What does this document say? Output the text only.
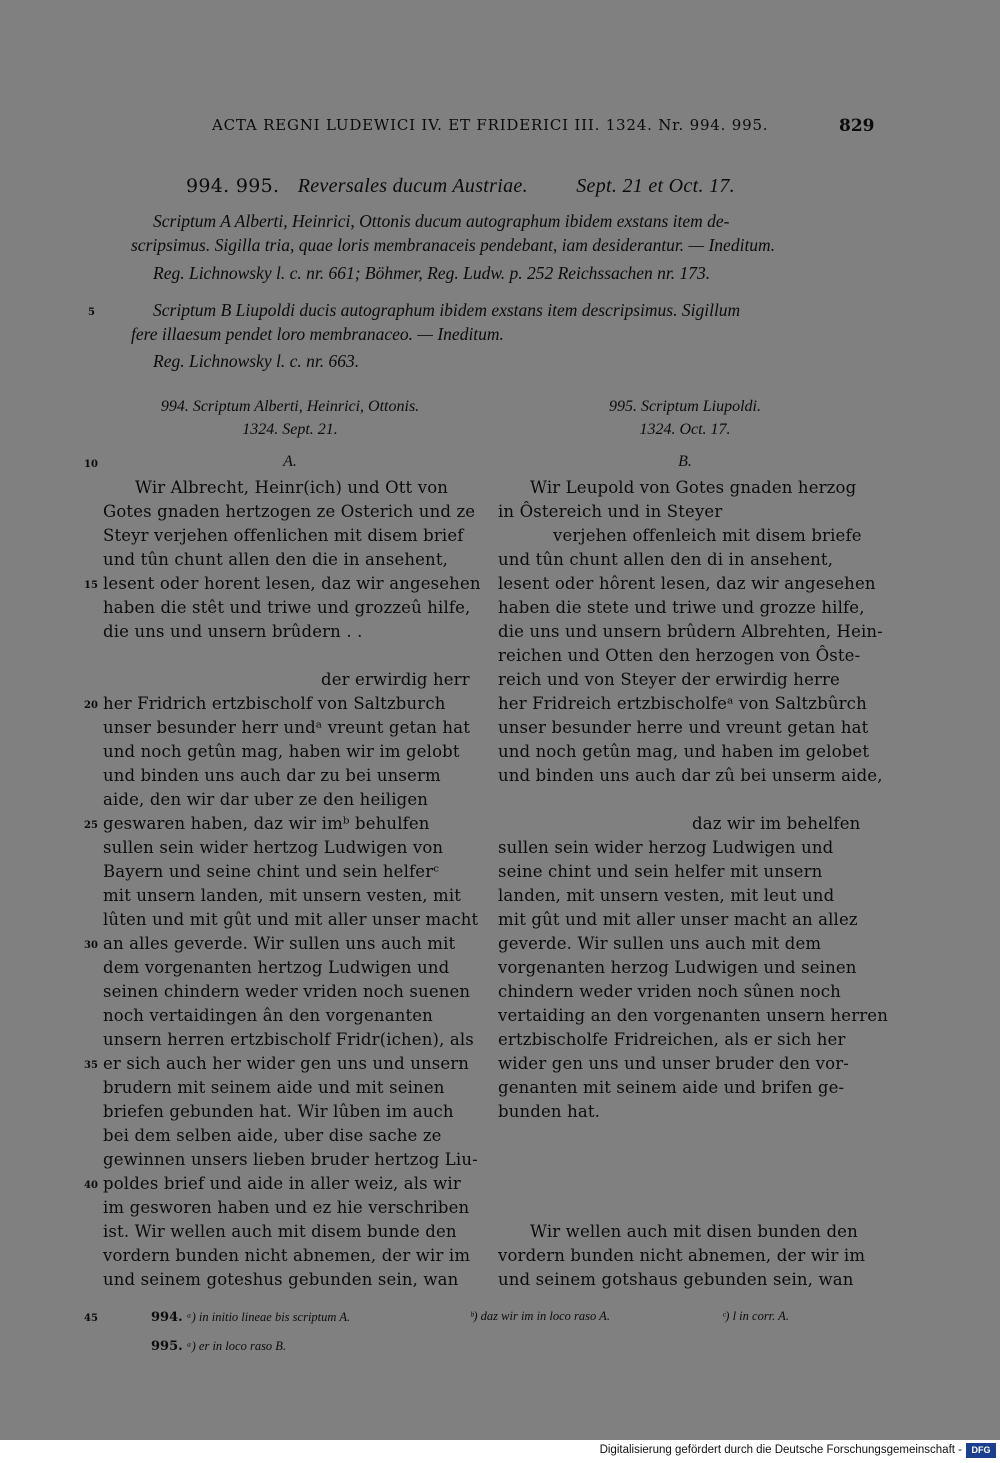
ACTA REGNI LUDEWICI IV. ET FRIDERICI III. 1324. Nr. 994. 995.	829
994. 995. Reversales ducum Austriae. Sept. 21 et Oct. 17.
Scriptum A Alberti, Heinrici, Ottonis ducum autographum ibidem exstans item de-
scripsimus. Sigilla tria, quae loris membranaceis pendebant, iam desiderantur. — Ineditum.
Reg. Lichnowsky l. c. nr. 661; Böhmer, Reg. Ludw. p. 252 Reichssachen nr. 173.
Scriptum B Liupoldi ducis autographum ibidem exstans item descripsimus. Sigillum
fere illaesum pendet loro membranaceo. — Ineditum.
Reg. Lichnowsky l. c. nr. 663.
5
10
15
20
25
30
35
40
45
994. Scriptum Alberti, Heinrici, Ottonis.
1324. Sept. 21.
A.
995. Scriptum Liupoldi.
1324. Oct. 17.
B.
Wir Albrecht, Heinr(ich) und Ott von
Gotes gnaden hertzogen ze Osterich und ze
Steyr verjehen offenlichen mit disem brief
und tûn chunt allen den die in ansehent,
lesent oder horent lesen, daz wir angesehen
haben die stêt und triwe und grozzeû hilfe,
die uns und unsern brûdern . .
der erwirdig herr
her Fridrich ertzbischolf von Saltzburch
unser besunder herr undᵃ vreunt getan hat
und noch getûn mag, haben wir im gelobt
und binden uns auch dar zu bei unserm
aide, den wir dar uber ze den heiligen
geswaren haben, daz wir imᵇ behulfen
sullen sein wider hertzog Ludwigen von
Bayern und seine chint und sein helferᶜ
mit unsern landen, mit unsern vesten, mit
lûten und mit gût und mit aller unser macht
an alles geverde. Wir sullen uns auch mit
dem vorgenanten hertzog Ludwigen und
seinen chindern weder vriden noch suenen
noch vertaidingen ân den vorgenanten
unsern herren ertzbischolf Fridr(ichen), als
er sich auch her wider gen uns und unsern
brudern mit seinem aide und mit seinen
briefen gebunden hat. Wir lûben im auch
bei dem selben aide, uber dise sache ze
gewinnen unsers lieben bruder hertzog Liu-
poldes brief und aide in aller weiz, als wir
im gesworen haben und ez hie verschriben
ist. Wir wellen auch mit disem bunde den
vordern bunden nicht abnemen, der wir im
und seinem goteshus gebunden sein, wan
Wir Leupold von Gotes gnaden herzog
in Ôstereich und in Steyer
verjehen offenleich mit disem briefe
und tûn chunt allen den di in ansehent,
lesent oder hôrent lesen, daz wir angesehen
haben die stete und triwe und grozze hilfe,
die uns und unsern brûdern Albrehten, Hein-
reichen und Otten den herzogen von Ôste-
reich und von Steyer der erwirdig herre
her Fridreich ertzbischolfeᵃ von Saltzbûrch
unser besunder herre und vreunt getan hat
und noch getûn mag, und haben im gelobet
und binden uns auch dar zû bei unserm aide,
daz wir im behelfen
sullen sein wider herzog Ludwigen und
seine chint und sein helfer mit unsern
landen, mit unsern vesten, mit leut und
mit gût und mit aller unser macht an allez
geverde. Wir sullen uns auch mit dem
vorgenanten herzog Ludwigen und seinen
chindern weder vriden noch sûnen noch
vertaiding an den vorgenanten unsern herren
ertzbischolfe Fridreichen, als er sich her
wider gen uns und unser bruder den vor-
genanten mit seinem aide und brifen ge-
bunden hat.
Wir wellen auch mit disen bunden den
vordern bunden nicht abnemen, der wir im
und seinem gotshaus gebunden sein, wan
994. ᵃ) in initio lineae bis scriptum A.	ᵇ) daz wir im in loco raso A.	ᶜ) l in corr. A.
995. ᵃ) er in loco raso B.
Digitalisierung gefördert durch die Deutsche Forschungsgemeinschaft -	DFG
